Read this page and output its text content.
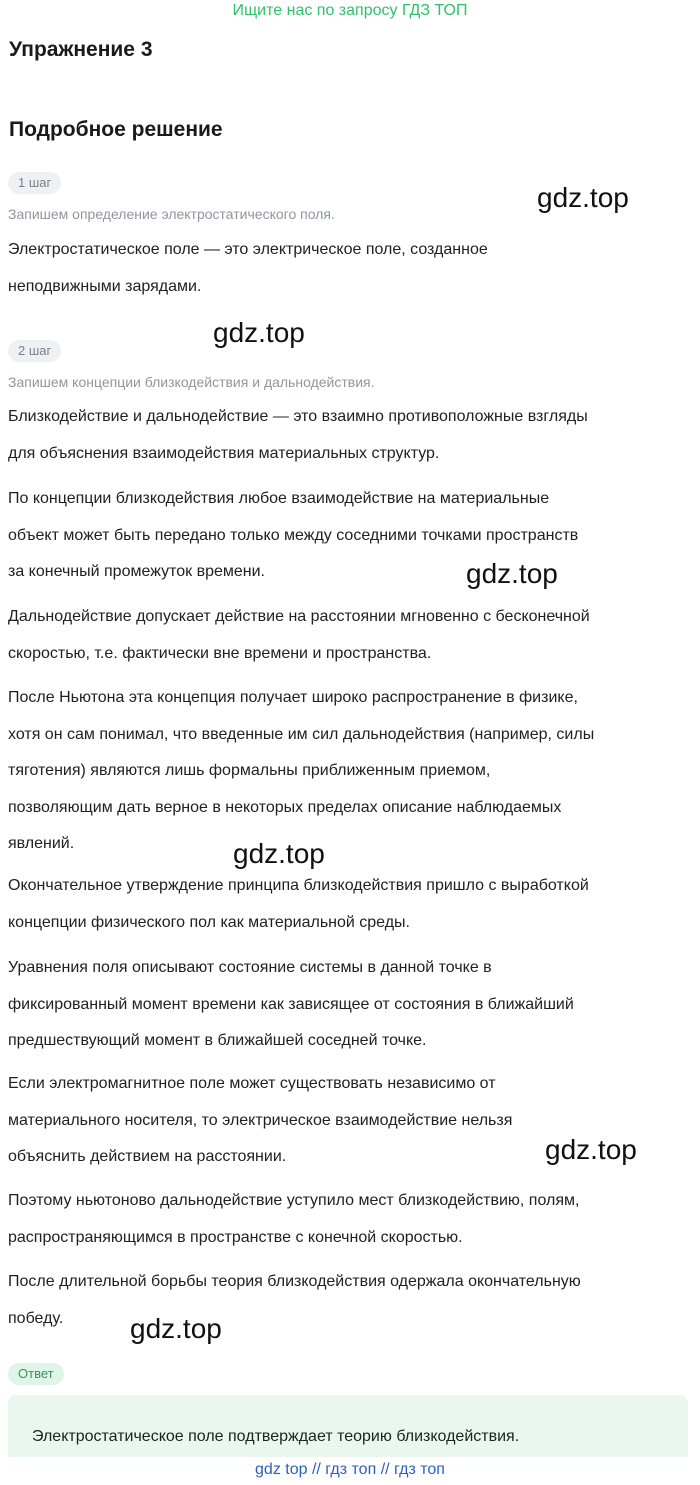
Ищите нас по запросу ГДЗ ТОП
Упражнение 3
Подробное решение
1 шаг
Запишем определение электростатического поля.
Электростатическое поле — это электрическое поле, созданное
неподвижными зарядами.
2 шаг
Запишем концепции близкодействия и дальнодействия.
Близкодействие и дальнодействие — это взаимно противоположные взгляды
для объяснения взаимодействия материальных структур.
По концепции близкодействия любое взаимодействие на материальные
объект может быть передано только между соседними точками пространств
за конечный промежуток времени.
Дальнодействие допускает действие на расстоянии мгновенно с бесконечной
скоростью, т.е. фактически вне времени и пространства.
После Ньютона эта концепция получает широко распространение в физике,
хотя он сам понимал, что введенные им сил дальнодействия (например, силы
тяготения) являются лишь формальны приближенным приемом,
позволяющим дать верное в некоторых пределах описание наблюдаемых
явлений.
Окончательное утверждение принципа близкодействия пришло с выработкой
концепции физического пол как материальной среды.
Уравнения поля описывают состояние системы в данной точке в
фиксированный момент времени как зависящее от состояния в ближайший
предшествующий момент в ближайшей соседней точке.
Если электромагнитное поле может существовать независимо от
материального носителя, то электрическое взаимодействие нельзя
объяснить действием на расстоянии.
Поэтому ньютоново дальнодействие уступило мест близкодействию, полям,
распространяющимся в пространстве с конечной скоростью.
После длительной борьбы теория близкодействия одержала окончательную
победу.
Ответ
Электростатическое поле подтверждает теорию близкодействия.
gdz.top
gdz.top
gdz.top
gdz.top
gdz.top
gdz.top
gdz top // гдз топ // гдз топ
